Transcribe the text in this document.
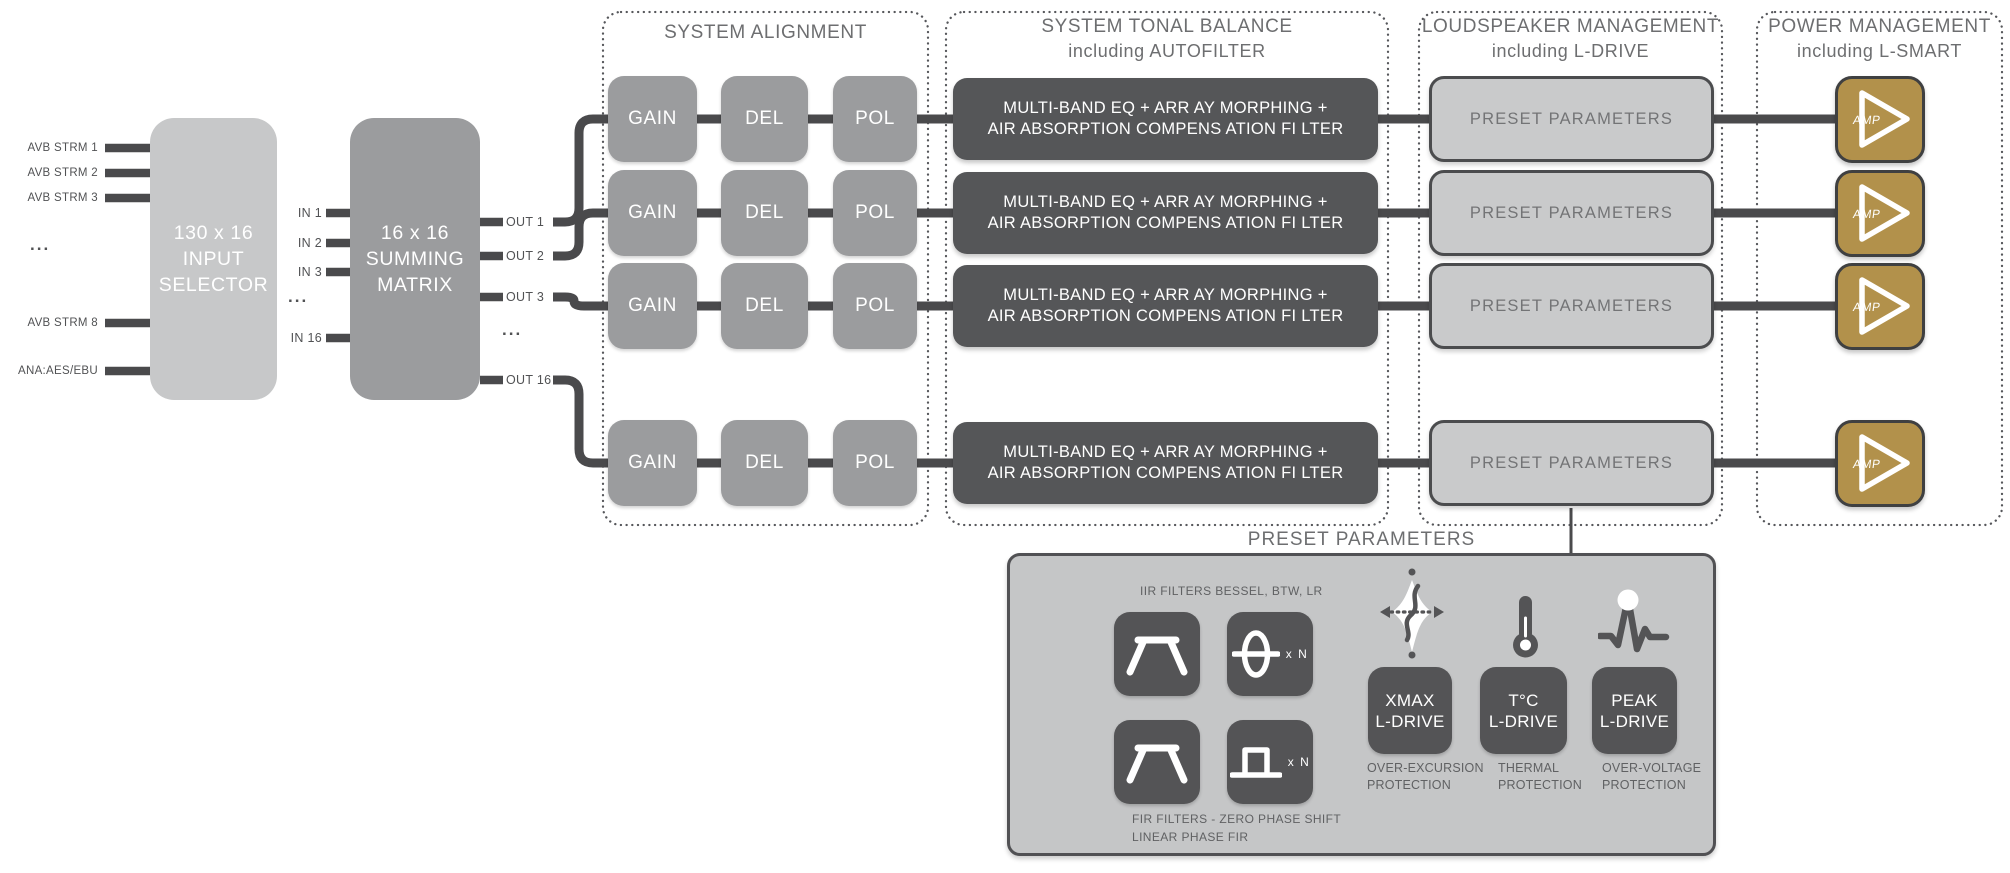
SYSTEM ALIGNMENT	SYSTEM TONAL BALANCE
including AUTOFILTER
LOUDSPEAKER MANAGEMENT
including L-DRIVE
POWER MANAGEMENT
including L-SMART
AVB STRM 1
AVB STRM 2
AVB STRM 3
...
AVB STRM 8
ANA:AES/EBU
130 x 16
INPUT
SELECTOR
IN 1
IN 2
IN 3
...
IN 16
16 x 16
SUMMING
MATRIX
OUT 1
OUT 2
OUT 3
...
OUT 16
GAIN	DEL	POL	MULTI-BAND EQ + ARR AY MORPHING +
AIR ABSORPTION COMPENS ATION FI LTER
PRESET PARAMETERS	AMP
GAIN	DEL	POL	MULTI-BAND EQ + ARR AY MORPHING +
AIR ABSORPTION COMPENS ATION FI LTER
PRESET PARAMETERS	AMP
GAIN	DEL	POL	MULTI-BAND EQ + ARR AY MORPHING +
AIR ABSORPTION COMPENS ATION FI LTER
PRESET PARAMETERS	AMP
GAIN	DEL	POL	MULTI-BAND EQ + ARR AY MORPHING +
AIR ABSORPTION COMPENS ATION FI LTER
PRESET PARAMETERS	AMP
PRESET PARAMETERS
IIR FILTERS BESSEL, BTW, LR
x N
x N
FIR FILTERS - ZERO PHASE SHIFT
LINEAR PHASE FIR
XMAX
L-DRIVE
T°C
L-DRIVE
PEAK
L-DRIVE
OVER-EXCURSION
PROTECTION
THERMAL
PROTECTION
OVER-VOLTAGE
PROTECTION
